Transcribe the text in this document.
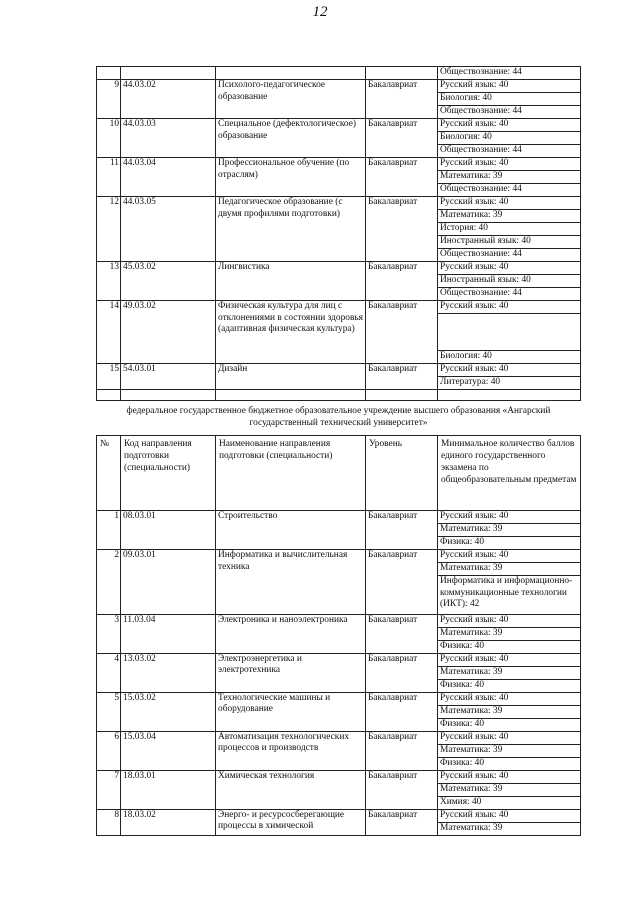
12

				Обществознание: 44

9	44.03.02	Психолого-педагогическое образование	Бакалавриат	Русский язык: 40
Биология: 40
Обществознание: 44

10	44.03.03	Специальное (дефектологическое) образование	Бакалавриат	Русский язык: 40
Биология: 40
Обществознание: 44

11	44.03.04	Профессиональное обучение (по отраслям)	Бакалавриат	Русский язык: 40
Математика: 39
Обществознание: 44

12	44.03.05	Педагогическое образование (с двумя профилями подготовки)	Бакалавриат	Русский язык: 40
Математика: 39
История: 40
Иностранный язык: 40
Обществознание: 44

13	45.03.02	Лингвистика	Бакалавриат	Русский язык: 40
Иностранный язык: 40
Обществознание: 44

14	49.03.02	Физическая культура для лиц с отклонениями в состоянии здоровья (адаптивная физическая культура)	Бакалавриат	Русский язык: 40
Биология: 40

15	54.03.01	Дизайн	Бакалавриат	Русский язык: 40
Литература: 40

федеральное государственное бюджетное образовательное учреждение высшего образования «Ангарский государственный технический университет»				
№	Код направления подготовки (специальности)	Наименование направления подготовки (специальности)	Уровень	Минимальное количество баллов единого государственного экзамена по общеобразовательным предметам
1	08.03.01	Строительство	Бакалавриат	Русский язык: 40
Математика: 39
Физика: 40

2	09.03.01	Информатика и вычислительная техника	Бакалавриат	Русский язык: 40
Математика: 39
Информатика и информационно-коммуникационные технологии (ИКТ): 42

3	11.03.04	Электроника и наноэлектроника	Бакалавриат	Русский язык: 40
Математика: 39
Физика: 40

4	13.03.02	Электроэнергетика и электротехника	Бакалавриат	Русский язык: 40
Математика: 39
Физика: 40

5	15.03.02	Технологические машины и оборудование	Бакалавриат	Русский язык: 40
Математика: 39
Физика: 40

6	15.03.04	Автоматизация технологических процессов и производств	Бакалавриат	Русский язык: 40
Математика: 39
Физика: 40

7	18.03.01	Химическая технология	Бакалавриат	Русский язык: 40
Математика: 39
Химия: 40

8	18.03.02	Энерго- и ресурсосберегающие процессы в химической	Бакалавриат	Русский язык: 40
Математика: 39
